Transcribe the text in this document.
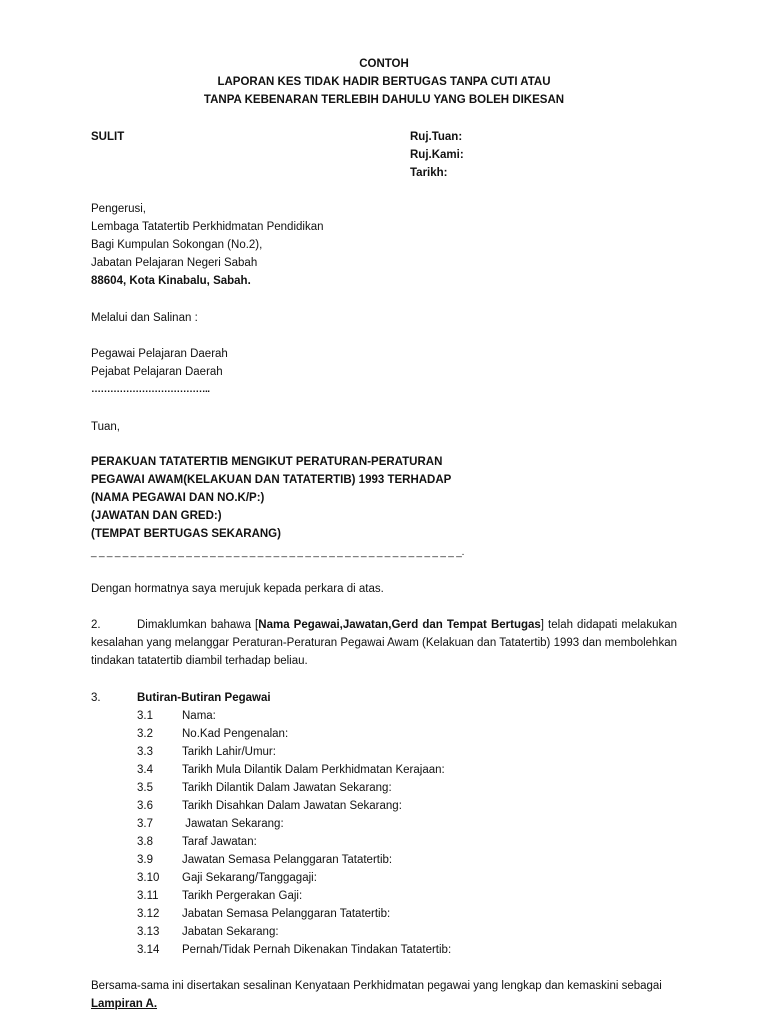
CONTOH
LAPORAN KES TIDAK HADIR BERTUGAS TANPA CUTI ATAU
TANPA KEBENARAN TERLEBIH DAHULU YANG BOLEH DIKESAN
SULIT	Ruj.Tuan:
Ruj.Kami:
Tarikh:
Pengerusi,
Lembaga Tatatertib Perkhidmatan Pendidikan
Bagi Kumpulan Sokongan (No.2),
Jabatan Pelajaran Negeri Sabah
88604, Kota Kinabalu, Sabah.
Melalui dan Salinan :
Pegawai Pelajaran Daerah
Pejabat Pelajaran Daerah
………………………………..
Tuan,
PERAKUAN TATATERTIB MENGIKUT PERATURAN-PERATURAN
PEGAWAI AWAM(KELAKUAN DAN TATATERTIB) 1993 TERHADAP
(NAMA PEGAWAI DAN NO.K/P:)
(JAWATAN DAN GRED:)
(TEMPAT BERTUGAS SEKARANG)
_ _ _ _ _ _ _ _ _ _ _ _ _ _ _ _ _ _ _ _ _ _ _ _ _ _ _ _ _ _ _ _ _ _ _ _ _ _ _ _ _ _ _ _ _ _ _.
Dengan hormatnya saya merujuk kepada perkara di atas.
2.	Dimaklumkan bahawa [Nama Pegawai,Jawatan,Gerd dan Tempat Bertugas] telah didapati melakukan kesalahan yang melanggar Peraturan-Peraturan Pegawai Awam (Kelakuan dan Tatatertib) 1993 dan membolehkan tindakan tatatertib diambil terhadap beliau.
3.	Butiran-Butiran Pegawai
3.1	Nama:
3.2	No.Kad Pengenalan:
3.3	Tarikh Lahir/Umur:
3.4	Tarikh Mula Dilantik Dalam Perkhidmatan Kerajaan:
3.5	Tarikh Dilantik Dalam Jawatan Sekarang:
3.6	Tarikh Disahkan Dalam Jawatan Sekarang:
3.7	Jawatan Sekarang:
3.8	Taraf Jawatan:
3.9	Jawatan Semasa Pelanggaran Tatatertib:
3.10 Gaji Sekarang/Tanggagaji:
3.11 Tarikh Pergerakan Gaji:
3.12 Jabatan Semasa Pelanggaran Tatatertib:
3.13 Jabatan Sekarang:
3.14 Pernah/Tidak Pernah Dikenakan Tindakan Tatatertib:
Bersama-sama ini disertakan sesalinan Kenyataan Perkhidmatan pegawai yang lengkap dan kemaskini sebagai
Lampiran A.
